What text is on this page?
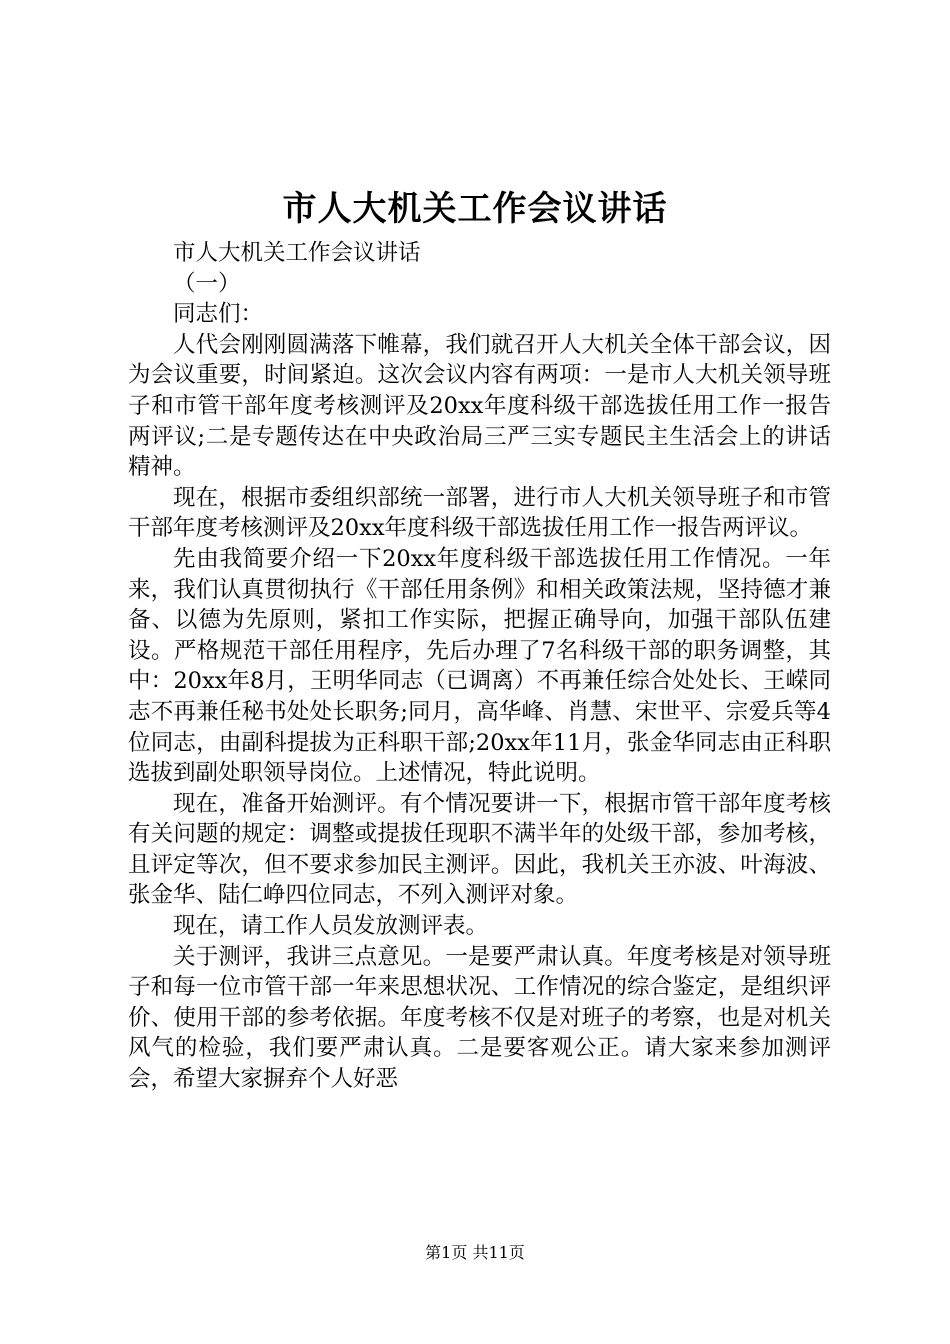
市人大机关工作会议讲话

市人大机关工作会议讲话

（一）

同志们：

人代会刚刚圆满落下帷幕，我们就召开人大机关全体干部会议，因为会议重要，时间紧迫。这次会议内容有两项：一是市人大机关领导班子和市管干部年度考核测评及20xx年度科级干部选拔任用工作一报告两评议;二是专题传达在中央政治局三严三实专题民主生活会上的讲话精神。

现在，根据市委组织部统一部署，进行市人大机关领导班子和市管干部年度考核测评及20xx年度科级干部选拔任用工作一报告两评议。

先由我简要介绍一下20xx年度科级干部选拔任用工作情况。一年来，我们认真贯彻执行《干部任用条例》和相关政策法规，坚持德才兼备、以德为先原则，紧扣工作实际，把握正确导向，加强干部队伍建设。严格规范干部任用程序，先后办理了7名科级干部的职务调整，其中：20xx年8月，王明华同志（已调离）不再兼任综合处处长、王嵘同志不再兼任秘书处处长职务;同月，高华峰、肖慧、宋世平、宗爱兵等4位同志，由副科提拔为正科职干部;20xx年11月，张金华同志由正科职选拔到副处职领导岗位。上述情况，特此说明。

现在，准备开始测评。有个情况要讲一下，根据市管干部年度考核有关问题的规定：调整或提拔任现职不满半年的处级干部，参加考核，且评定等次，但不要求参加民主测评。因此，我机关王亦波、叶海波、张金华、陆仁峥四位同志，不列入测评对象。

现在，请工作人员发放测评表。

关于测评，我讲三点意见。一是要严肃认真。年度考核是对领导班子和每一位市管干部一年来思想状况、工作情况的综合鉴定，是组织评价、使用干部的参考依据。年度考核不仅是对班子的考察，也是对机关风气的检验，我们要严肃认真。二是要客观公正。请大家来参加测评会，希望大家摒弃个人好恶

第1页 共11页
